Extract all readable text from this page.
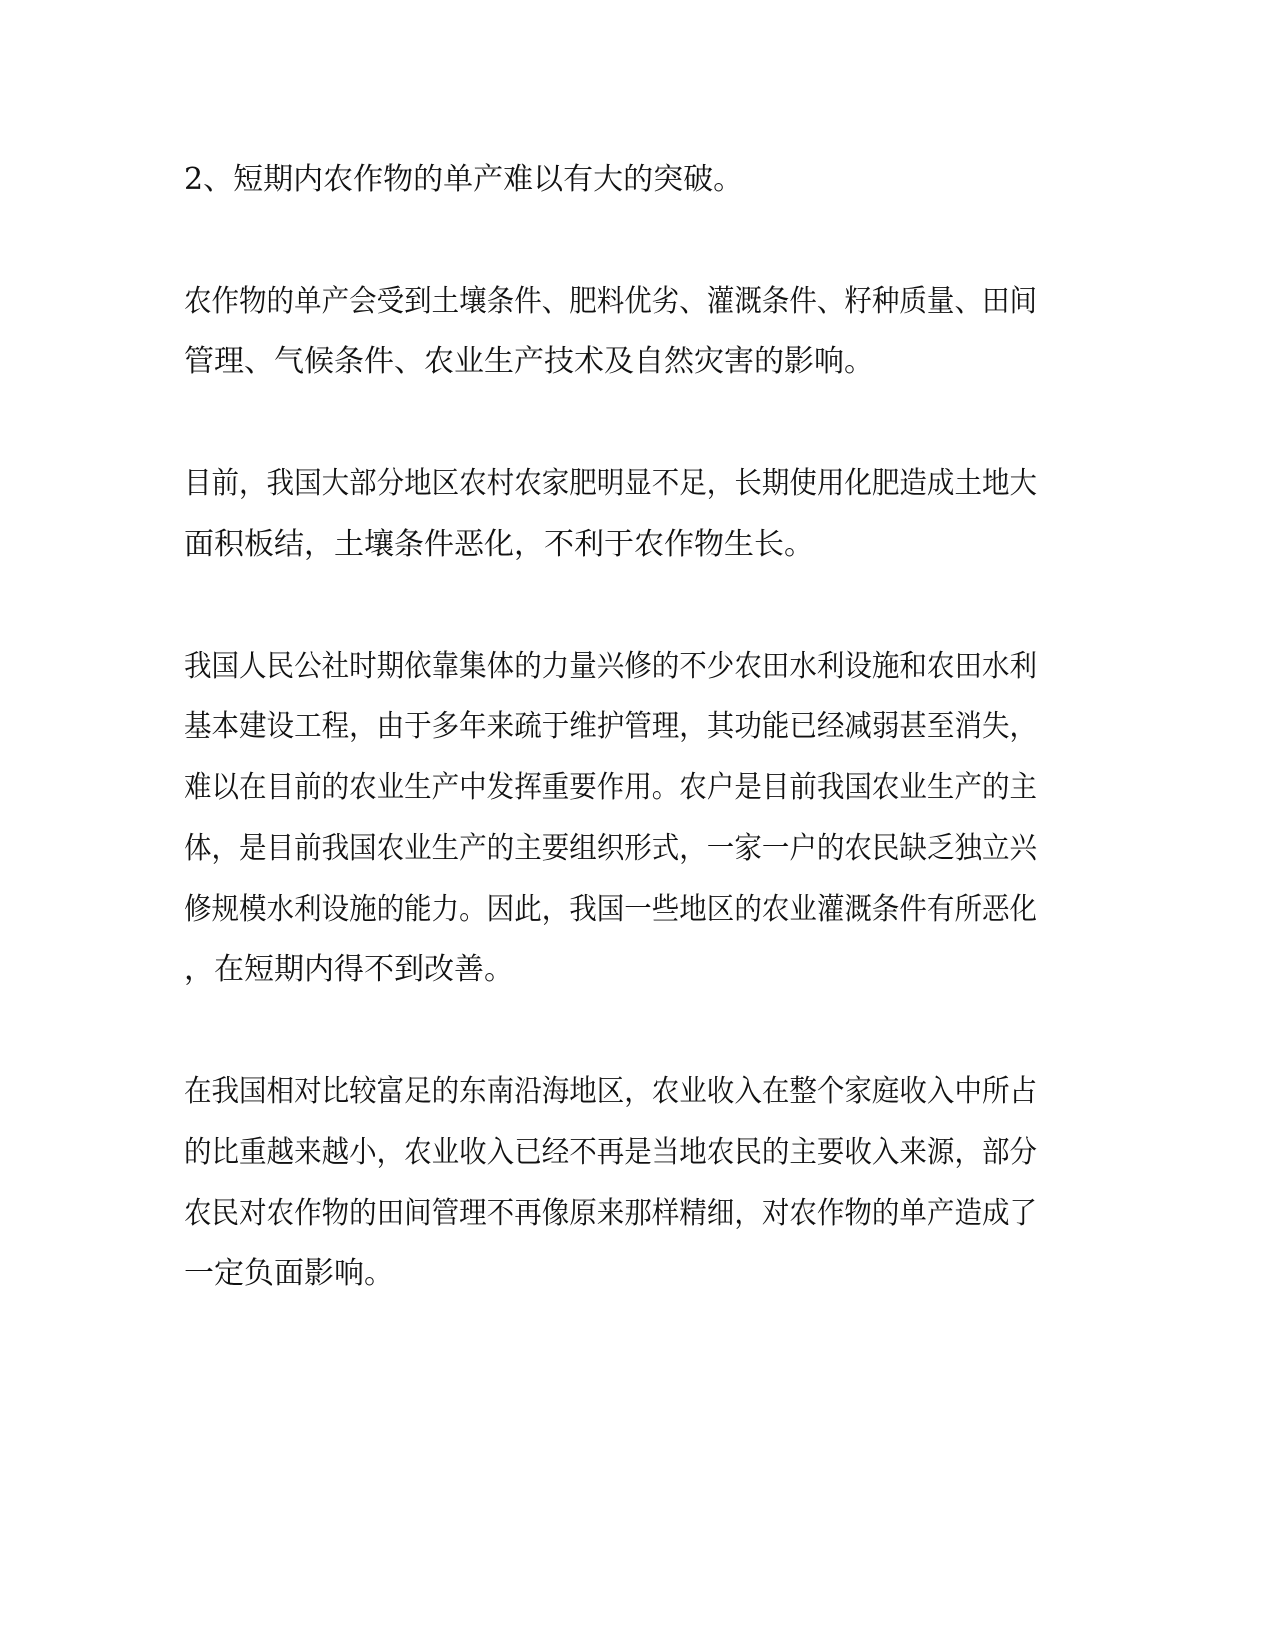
2、短期内农作物的单产难以有大的突破。
农作物的单产会受到土壤条件、肥料优劣、灌溉条件、籽种质量、田间
管理、气候条件、农业生产技术及自然灾害的影响。
目前，我国大部分地区农村农家肥明显不足，长期使用化肥造成土地大
面积板结，土壤条件恶化，不利于农作物生长。
我国人民公社时期依靠集体的力量兴修的不少农田水利设施和农田水利
基本建设工程，由于多年来疏于维护管理，其功能已经减弱甚至消失，
难以在目前的农业生产中发挥重要作用。农户是目前我国农业生产的主
体，是目前我国农业生产的主要组织形式，一家一户的农民缺乏独立兴
修规模水利设施的能力。因此，我国一些地区的农业灌溉条件有所恶化
，在短期内得不到改善。
在我国相对比较富足的东南沿海地区，农业收入在整个家庭收入中所占
的比重越来越小，农业收入已经不再是当地农民的主要收入来源，部分
农民对农作物的田间管理不再像原来那样精细，对农作物的单产造成了
一定负面影响。
